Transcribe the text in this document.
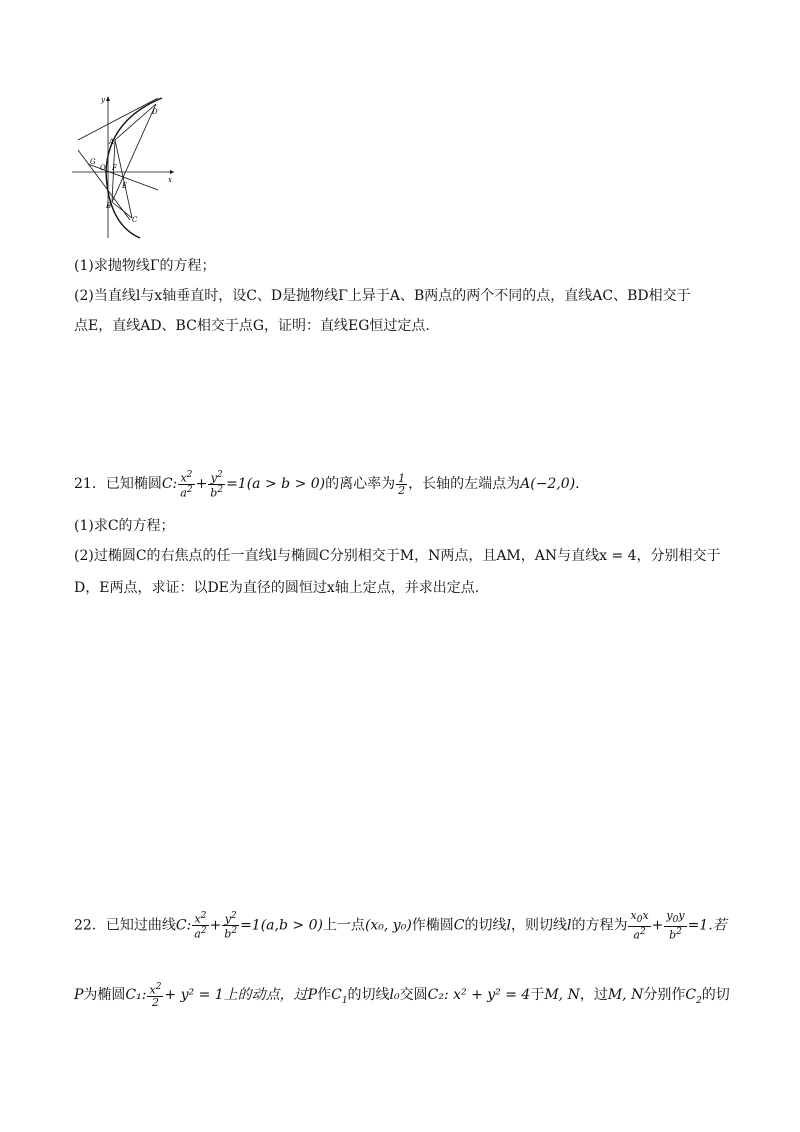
y
x
A
B
C
D
E
F
G
O
(1)求抛物线Γ的方程；
(2)当直线l与x轴垂直时，设C、D是抛物线Γ上异于A、B两点的两个不同的点，直线AC、BD相交于
点E，直线AD、BC相交于点G，证明：直线EG恒过定点.
21．已知椭圆C: $\frac{x^2}{a^2} + \frac{y^2}{b^2} =1(a > b > 0)$的离心率为 $\frac{1}{2}$ ，长轴的左端点为A(−2,0).
(1)求C的方程；
(2)过椭圆C的右焦点的任一直线l与椭圆C分别相交于M，N两点，且AM，AN与直线x = 4，分别相交于
D，E两点，求证：以DE为直径的圆恒过x轴上定点，并求出定点.
22．已知过曲线C: $\frac{x^2}{a^2} + \frac{y^2}{b^2} =1(a,b > 0)$上一点(x₀, y₀)作椭圆C的切线l，则切线l的方程为 $\frac{x_0x}{a^2} + \frac{y_0y}{b^2} =1$.若
P为椭圆C₁: $\frac{x^2}{2} + y^2 = 1$上的动点，过P作$C_1$的切线l₀交圆C₂: x² + y² = 4于M, N，过M, N分别作$C_2$的切
